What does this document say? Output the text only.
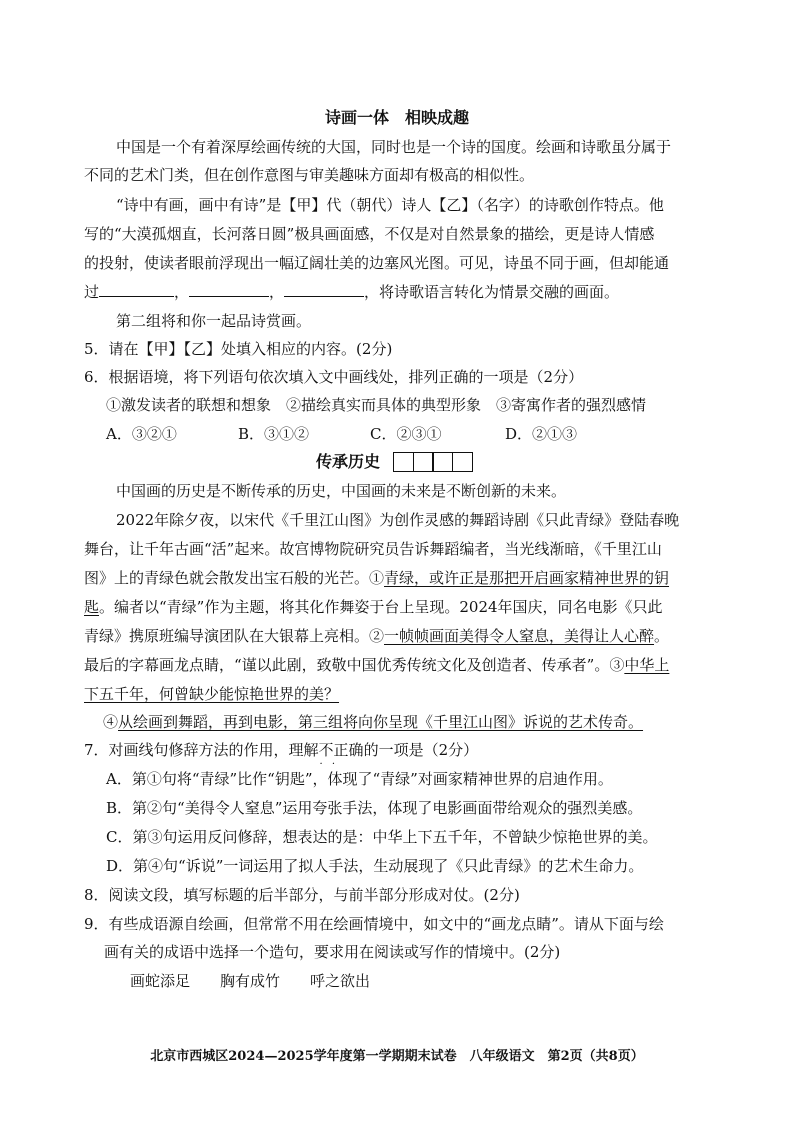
诗画一体　相映成趣
中国是一个有着深厚绘画传统的大国，同时也是一个诗的国度。绘画和诗歌虽分属于
不同的艺术门类，但在创作意图与审美趣味方面却有极高的相似性。
“诗中有画，画中有诗”是【甲】代（朝代）诗人【乙】（名字）的诗歌创作特点。他
写的“大漠孤烟直，长河落日圆”极具画面感，不仅是对自然景象的描绘，更是诗人情感
的投射，使读者眼前浮现出一幅辽阔壮美的边塞风光图。可见，诗虽不同于画，但却能通
过	，	，	，将诗歌语言转化为情景交融的画面。
第二组将和你一起品诗赏画。
5．请在【甲】【乙】处填入相应的内容。(2分)
6．根据语境，将下列语句依次填入文中画线处，排列正确的一项是（2分）
①激发读者的联想和想象　②描绘真实而具体的典型形象　③寄寓作者的强烈感情
A．③②①	B．③①②	C．②③①	D．②①③
传承历史
中国画的历史是不断传承的历史，中国画的未来是不断创新的未来。
2022年除夕夜，以宋代《千里江山图》为创作灵感的舞蹈诗剧《只此青绿》登陆春晚
舞台，让千年古画“活”起来。故宫博物院研究员告诉舞蹈编者，当光线渐暗，《千里江山
图》上的青绿色就会散发出宝石般的光芒。①青绿，或许正是那把开启画家精神世界的钥
匙。编者以“青绿”作为主题，将其化作舞姿于台上呈现。2024年国庆，同名电影《只此
青绿》携原班编导演团队在大银幕上亮相。②一帧帧画面美得令人窒息，美得让人心醉。
最后的字幕画龙点睛，“谨以此剧，致敬中国优秀传统文化及创造者、传承者”。③中华上
下五千年，何曾缺少能惊艳世界的美？
④从绘画到舞蹈，再到电影，第三组将向你呈现《千里江山图》诉说的艺术传奇。
7．对画线句修辞方法的作用，理解不正确 · ·的一项是（2分）
A．第①句将“青绿”比作“钥匙”，体现了“青绿”对画家精神世界的启迪作用。
B．第②句“美得令人窒息”运用夸张手法，体现了电影画面带给观众的强烈美感。
C．第③句运用反问修辞，想表达的是：中华上下五千年，不曾缺少惊艳世界的美。
D．第④句“诉说”一词运用了拟人手法，生动展现了《只此青绿》的艺术生命力。
8．阅读文段，填写标题的后半部分，与前半部分形成对仗。(2分)
9．有些成语源自绘画，但常常不用在绘画情境中，如文中的“画龙点睛”。请从下面与绘
画有关的成语中选择一个造句，要求用在阅读或写作的情境中。(2分)
画蛇添足　　胸有成竹　　呼之欲出
北京市西城区2024—2025学年度第一学期期末试卷　八年级语文　第2页（共8页）
